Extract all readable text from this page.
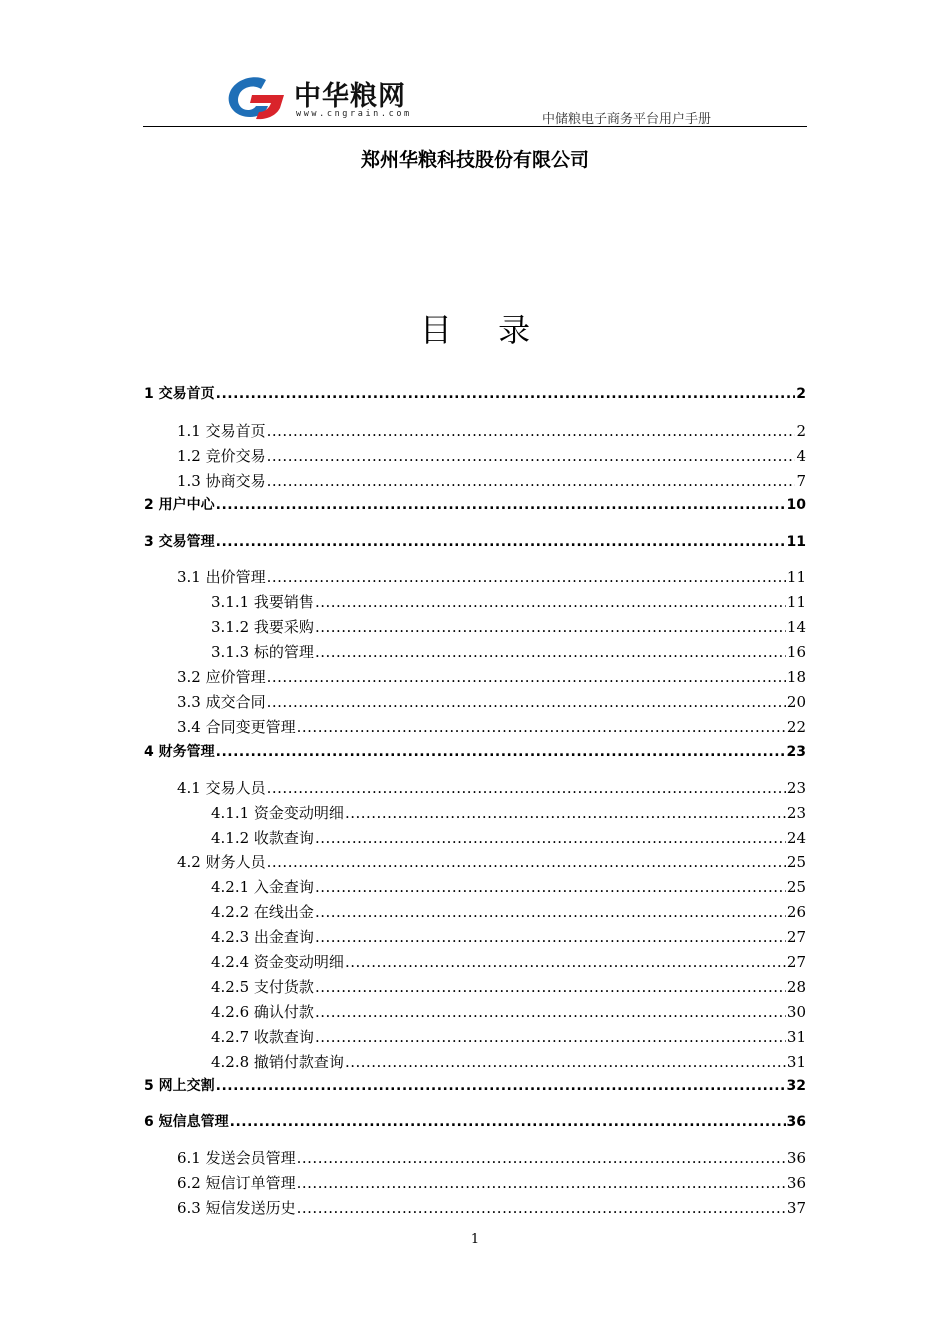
中华粮网
www.cngrain.com	中储粮电子商务平台用户手册
郑州华粮科技股份有限公司
目 录
1 交易首页 .....	2
1.1 交易首页 .....	2
1.2 竞价交易 .....	4
1.3 协商交易 .....	7
2 用户中心 .....	10
3 交易管理 .....	11
3.1 出价管理 .....	11
3.1.1 我要销售 .....	11
3.1.2 我要采购 .....	14
3.1.3 标的管理 .....	16
3.2 应价管理 .....	18
3.3 成交合同 .....	20
3.4 合同变更管理 .....	22
4 财务管理 .....	23
4.1 交易人员 .....	23
4.1.1 资金变动明细 .....	23
4.1.2 收款查询 .....	24
4.2 财务人员 .....	25
4.2.1 入金查询 .....	25
4.2.2 在线出金 .....	26
4.2.3 出金查询 .....	27
4.2.4 资金变动明细 .....	27
4.2.5 支付货款 .....	28
4.2.6 确认付款 .....	30
4.2.7 收款查询 .....	31
4.2.8 撤销付款查询 .....	31
5 网上交割 .....	32
6 短信息管理 .....	36
6.1 发送会员管理 .....	36
6.2 短信订单管理 .....	36
6.3 短信发送历史 .....	37
1
